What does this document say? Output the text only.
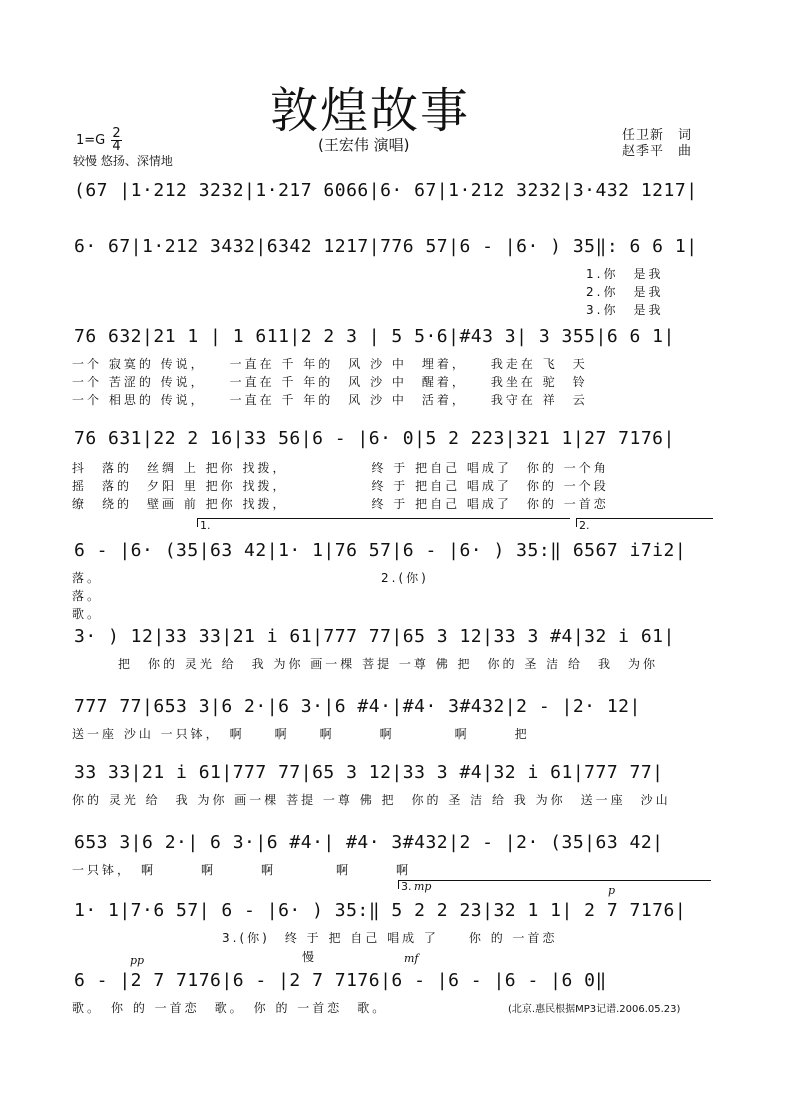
敦煌故事
(王宏伟 演唱)
$1=G \frac{2}{4}$
较慢 悠扬、深情地
任卫新　词
赵季平　曲
(67 |1·212 3232|1·217 6066|6· 67|1·212 3232|3·432 1217|
6· 67|1·212 3432|6342 1217|776 57|6 - |6· ) 35‖: 6 6 1|
1.你　是我
2.你　是我
3.你　是我
76 632|21 1 | 1 611|2 2 3 | 5 5·6|#43 3| 3 355|6 6 1|
一个 寂寞的 传说，　　一直在 千 年的　风 沙 中　埋着，　　我走在 飞　天
一个 苦涩的 传说，　　一直在 千 年的　风 沙 中　醒着，　　我坐在 驼　铃
一个 相思的 传说，　　一直在 千 年的　风 沙 中　活着，　　我守在 祥　云
76 631|22 2 16|33 56|6 - |6· 0|5 2 223|321 1|27 7176|
抖　落的　丝绸 上 把你 找拨，　　　　　　终 于 把自己 唱成了　你的 一个角
摇　落的　夕阳 里 把你 找拨，　　　　　　终 于 把自己 唱成了　你的 一个段
缭　绕的　壁画 前 把你 找拨，　　　　　　终 于 把自己 唱成了　你的 一首恋
1.	2.
6 - |6· (35|63 42|1· 1|76 57|6 - |6· ) 35:‖ 6567 i7i2|
落。　　　　　　　　　　　　　　　　　　　2.(你)
落。
歌。
3· ) 12|33 33|21 i 61|777 77|65 3 12|33 3 #4|32 i 61|
把　你的 灵光 给　我 为你 画一棵 菩提 一尊 佛 把　你的 圣 洁 给　我　为你
777 77|653 3|6 2·|6 3·|6 #4·|#4· 3#432|2 - |2· 12|
送一座 沙山 一只钵，　啊　　啊　　啊　　　啊　　　　啊　　　把
33 33|21 i 61|777 77|65 3 12|33 3 #4|32 i 61|777 77|
你的 灵光 给　我 为你 画一棵 菩提 一尊 佛 把　你的 圣 洁 给 我 为你　送一座　沙山
653 3|6 2·| 6 3·|6 #4·| #4· 3#432|2 - |2· (35|63 42|
一只钵，　啊　　　啊　　　啊　　　　啊　　　啊
3. mp	p
1· 1|7·6 57| 6 - |6· ) 35:‖ 5 2 2 23|32 1 1| 2 7 7176|
　　　　　　　　　　3.(你)　终 于 把 自己 唱成 了　　你 的 一首恋
pp	慢	mf
6 - |2 7 7176|6 - |2 7 7176|6 - |6 - |6 - |6 0‖
歌。　你 的 一首恋　歌。　你 的 一首恋　歌。	(北京.惠民根据MP3记谱.2006.05.23)
